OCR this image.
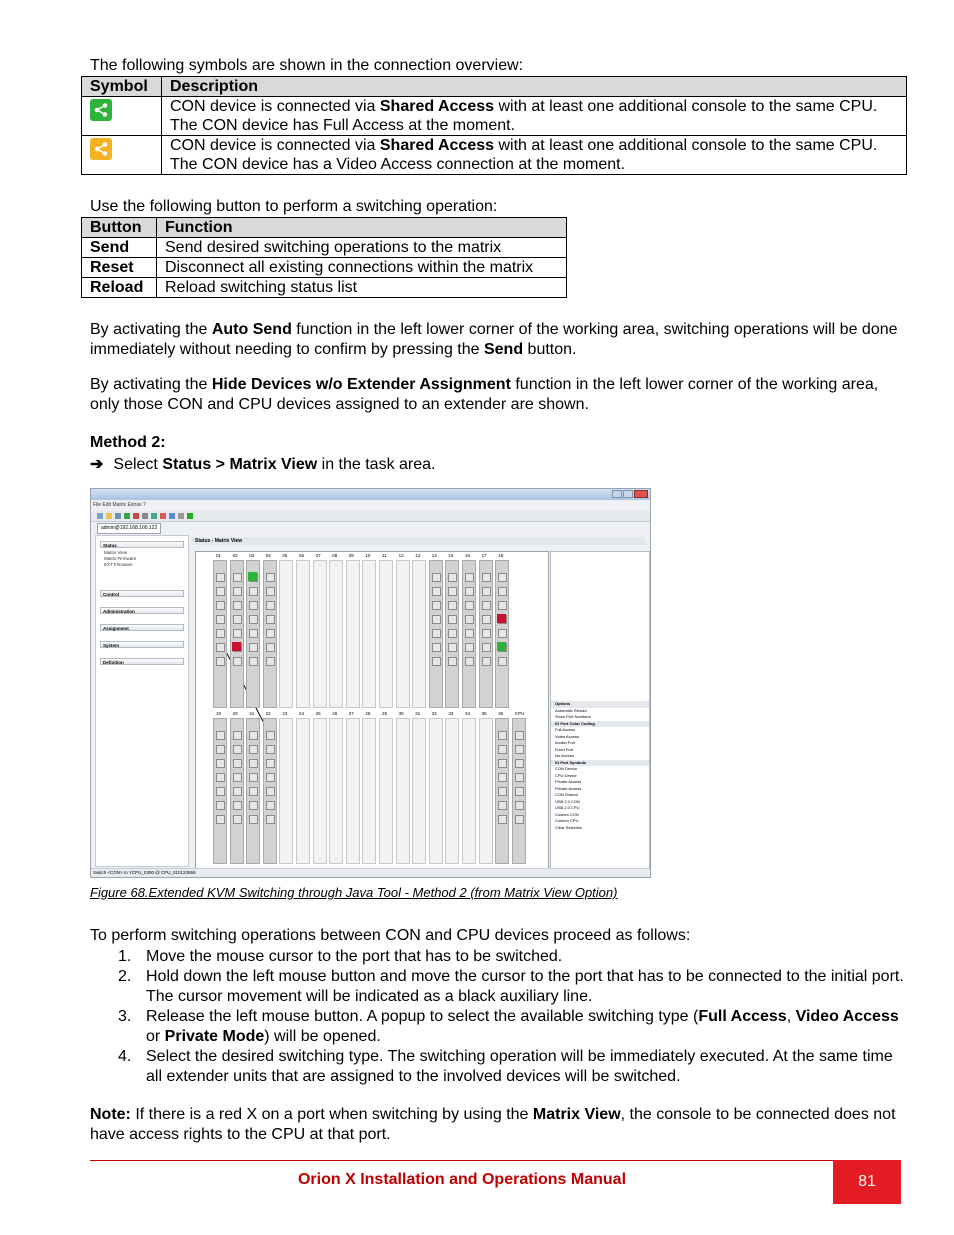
The following symbols are shown in the connection overview:

Symbol	Description

	CON device is connected via Shared Access with at least one additional console to the same CPU. The CON device has Full Access at the moment.

	CON device is connected via Shared Access with at least one additional console to the same CPU. The CON device has a Video Access connection at the moment.

Use the following button to perform a switching operation:

Button	Function
Send	Send desired switching operations to the matrix
Reset	Disconnect all existing connections within the matrix
Reload	Reload switching status list

By activating the Auto Send function in the left lower corner of the working area, switching operations will be done immediately without needing to confirm by pressing the Send button.

By activating the Hide Devices w/o Extender Assignment function in the left lower corner of the working area, only those CON and CPU devices assigned to an extender are shown.

Method 2:

➔ Select Status > Matrix View in the task area.

File Edit Matrix Extras ?
admin@192.168.100.122
Status
Matrix View
Matrix Firmware
EXT Firmware
Control
Administration
Assignment
System
Definition
Status - Matrix View
01	02	03	04	05	06	07	08	09	10	11	12	13	14	15	16	17	18
19	20	21	22	23	24	25	26	27	28	29	30	31	32	33	34	35	36	CPU
Options
Automatic Reload
Show Port Numbers
IO Port Color Coding
Full Access
Video Access
Invalid Port
Fixed Port
No Access
IO Port Symbols
CON Device
CPU Device
Private Access
Private Access
CON Shared
USB 2.0 CON
USB 2.0 CPU
Custom CON
Custom CPU
Clear Selection
Switch <CON> to YCPU_0300 @ CPU_010123959

Figure 68.Extended KVM Switching through Java Tool - Method 2 (from Matrix View Option)

To perform switching operations between CON and CPU devices proceed as follows:

1. Move the mouse cursor to the port that has to be switched.
2. Hold down the left mouse button and move the cursor to the port that has to be connected to the initial port. The cursor movement will be indicated as a black auxiliary line.
3. Release the left mouse button. A popup to select the available switching type (Full Access, Video Access or Private Mode) will be opened.
4. Select the desired switching type. The switching operation will be immediately executed. At the same time all extender units that are assigned to the involved devices will be switched.

Note: If there is a red X on a port when switching by using the Matrix View, the console to be connected does not have access rights to the CPU at that port.

Orion X Installation and Operations Manual	81
